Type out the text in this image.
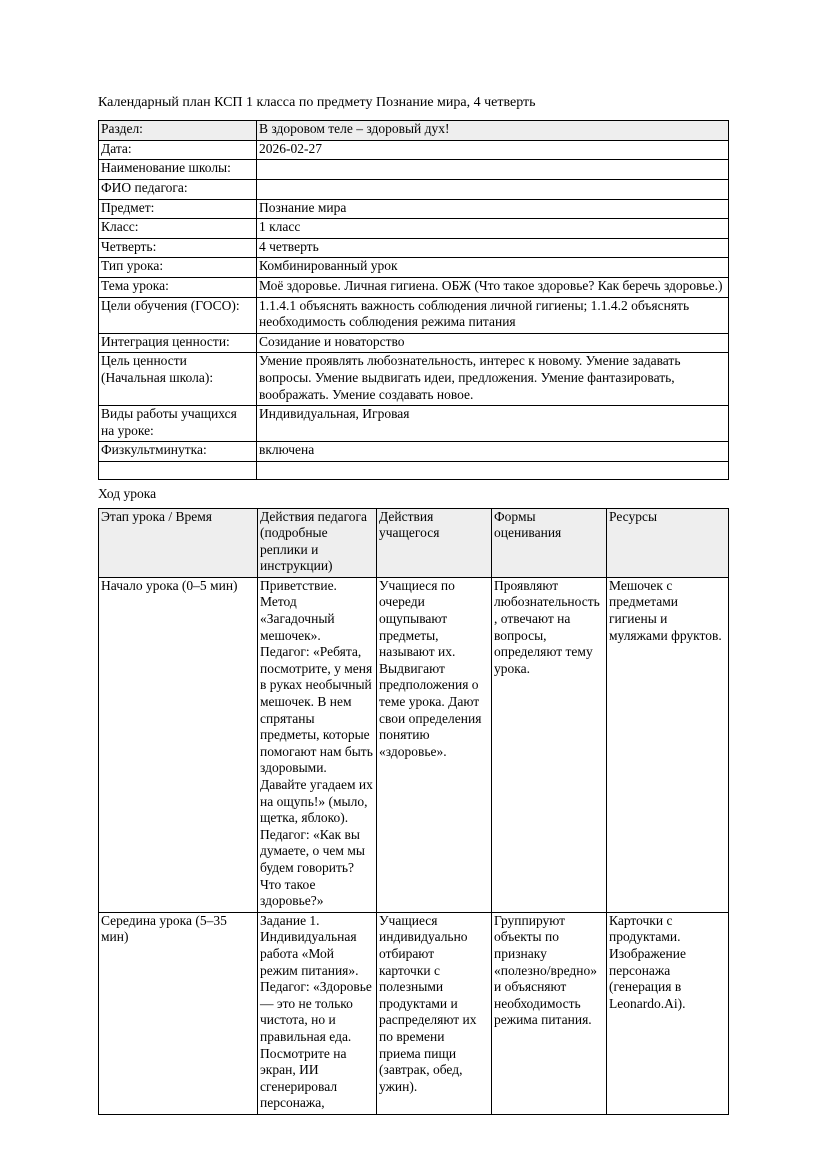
Календарный план КСП 1 класса по предмету Познание мира, 4 четверть

Раздел:	В здоровом теле – здоровый дух!
Дата:	2026-02-27
Наименование школы:	
ФИО педагога:	
Предмет:	Познание мира
Класс:	1 класс
Четверть:	4 четверть
Тип урока:	Комбинированный урок
Тема урока:	Моё здоровье. Личная гигиена. ОБЖ (Что такое здоровье? Как беречь здоровье.)
Цели обучения (ГОСО):	1.1.4.1 объяснять важность соблюдения личной гигиены; 1.1.4.2 объяснять необходимость соблюдения режима питания
Интеграция ценности:	Созидание и новаторство
Цель ценности (Начальная школа):	Умение проявлять любознательность, интерес к новому. Умение задавать вопросы. Умение выдвигать идеи, предложения. Умение фантазировать, воображать. Умение создавать новое.
Виды работы учащихся на уроке:	Индивидуальная, Игровая
Физкультминутка:	включена

Ход урока

Этап урока / Время	Действия педагога (подробные реплики и инструкции)	Действия учащегося	Формы оценивания	Ресурсы
Начало урока (0–5 мин)	Приветствие. Метод «Загадочный мешочек». Педагог: «Ребята, посмотрите, у меня в руках необычный мешочек. В нем спрятаны предметы, которые помогают нам быть здоровыми. Давайте угадаем их на ощупь!» (мыло, щетка, яблоко). Педагог: «Как вы думаете, о чем мы будем говорить? Что такое здоровье?»	Учащиеся по очереди ощупывают предметы, называют их. Выдвигают предположения о теме урока. Дают свои определения понятию «здоровье».	Проявляют любознательность, отвечают на вопросы, определяют тему урока.	Мешочек с предметами гигиены и муляжами фруктов.
Середина урока (5–35 мин)	Задание 1. Индивидуальная работа «Мой режим питания». Педагог: «Здоровье — это не только чистота, но и правильная еда. Посмотрите на экран, ИИ сгенерировал персонажа,	Учащиеся индивидуально отбирают карточки с полезными продуктами и распределяют их по времени приема пищи (завтрак, обед, ужин).	Группируют объекты по признаку «полезно/вредно» и объясняют необходимость режима питания.	Карточки с продуктами. Изображение персонажа (генерация в Leonardo.Ai).
